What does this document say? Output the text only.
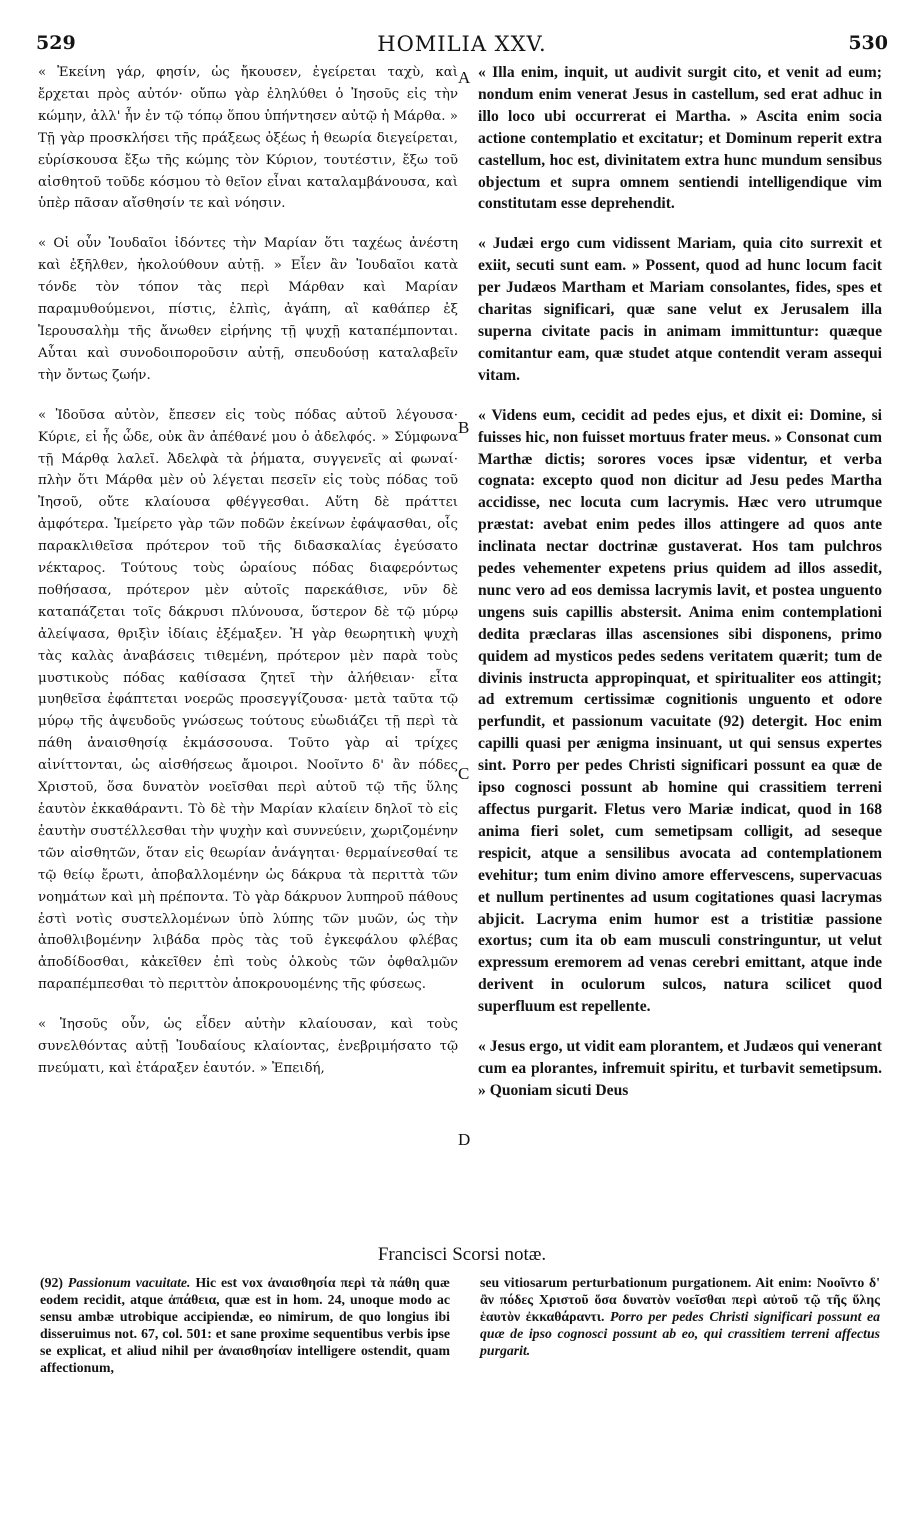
529	HOMILIA XXV.	530
A
B
C
D

« Ἐκείνη γάρ, φησίν, ὡς ἤκουσεν, ἐγείρεται ταχὺ, καὶ ἔρχεται πρὸς αὐτόν· οὔπω γὰρ ἐληλύθει ὁ Ἰησοῦς εἰς τὴν κώμην, ἀλλ' ἦν ἐν τῷ τόπῳ ὅπου ὑπήντησεν αὐτῷ ἡ Μάρθα. » Τῇ γὰρ προσκλήσει τῆς πράξεως ὀξέως ἡ θεωρία διεγείρεται, εὑρίσκουσα ἔξω τῆς κώμης τὸν Κύριον, τουτέστιν, ἔξω τοῦ αἰσθητοῦ τοῦδε κόσμου τὸ θεῖον εἶναι καταλαμβάνουσα, καὶ ὑπὲρ πᾶσαν αἴσθησίν τε καὶ νόησιν.

« Οἱ οὖν Ἰουδαῖοι ἰδόντες τὴν Μαρίαν ὅτι ταχέως ἀνέστη καὶ ἐξῆλθεν, ἠκολούθουν αὐτῇ. » Εἶεν ἂν Ἰουδαῖοι κατὰ τόνδε τὸν τόπον τὰς περὶ Μάρθαν καὶ Μαρίαν παραμυθούμενοι, πίστις, ἐλπὶς, ἀγάπη, αἳ καθάπερ ἐξ Ἱερουσαλὴμ τῆς ἄνωθεν εἰρήνης τῇ ψυχῇ καταπέμπονται. Αὗται καὶ συνοδοιποροῦσιν αὐτῇ, σπευδούσῃ καταλαβεῖν τὴν ὄντως ζωήν.

« Ἰδοῦσα αὐτὸν, ἔπεσεν εἰς τοὺς πόδας αὐτοῦ λέγουσα· Κύριε, εἰ ἦς ὧδε, οὐκ ἂν ἀπέθανέ μου ὁ ἀδελφός. » Σύμφωνα τῇ Μάρθᾳ λαλεῖ. Ἀδελφὰ τὰ ῥήματα, συγγενεῖς αἱ φωναί· πλὴν ὅτι Μάρθα μὲν οὐ λέγεται πεσεῖν εἰς τοὺς πόδας τοῦ Ἰησοῦ, οὔτε κλαίουσα φθέγγεσθαι. Αὕτη δὲ πράττει ἀμφότερα. Ἱμείρετο γὰρ τῶν ποδῶν ἐκείνων ἐφάψασθαι, οἷς παρακλιθεῖσα πρότερον τοῦ τῆς διδασκαλίας ἐγεύσατο νέκταρος. Τούτους τοὺς ὡραίους πόδας διαφερόντως ποθήσασα, πρότερον μὲν αὐτοῖς παρεκάθισε, νῦν δὲ καταπάζεται τοῖς δάκρυσι πλύνουσα, ὕστερον δὲ τῷ μύρῳ ἀλείψασα, θριξὶν ἰδίαις ἐξέμαξεν. Ἡ γὰρ θεωρητικὴ ψυχὴ τὰς καλὰς ἀναβάσεις τιθεμένη, πρότερον μὲν παρὰ τοὺς μυστικοὺς πόδας καθίσασα ζητεῖ τὴν ἀλήθειαν· εἶτα μυηθεῖσα ἐφάπτεται νοερῶς προσεγγίζουσα· μετὰ ταῦτα τῷ μύρῳ τῆς ἀψευδοῦς γνώσεως τούτους εὐωδιάζει τῇ περὶ τὰ πάθη ἀναισθησίᾳ ἐκμάσσουσα. Τοῦτο γὰρ αἱ τρίχες αἰνίττονται, ὡς αἰσθήσεως ἄμοιροι. Νοοῖντο δ' ἂν πόδες Χριστοῦ, ὅσα δυνατὸν νοεῖσθαι περὶ αὐτοῦ τῷ τῆς ὕλης ἑαυτὸν ἐκκαθάραντι. Τὸ δὲ τὴν Μαρίαν κλαίειν δηλοῖ τὸ εἰς ἑαυτὴν συστέλλεσθαι τὴν ψυχὴν καὶ συννεύειν, χωριζομένην τῶν αἰσθητῶν, ὅταν εἰς θεωρίαν ἀνάγηται· θερμαίνεσθαί τε τῷ θείῳ ἔρωτι, ἀποβαλλομένην ὡς δάκρυα τὰ περιττὰ τῶν νοημάτων καὶ μὴ πρέποντα. Τὸ γὰρ δάκρυον λυπηροῦ πάθους ἐστὶ νοτὶς συστελλομένων ὑπὸ λύπης τῶν μυῶν, ὡς τὴν ἀποθλιβομένην λιβάδα πρὸς τὰς τοῦ ἐγκεφάλου φλέβας ἀποδίδοσθαι, κἀκεῖθεν ἐπὶ τοὺς ὁλκοὺς τῶν ὀφθαλμῶν παραπέμπεσθαι τὸ περιττὸν ἀποκρουομένης τῆς φύσεως.

« Ἰησοῦς οὖν, ὡς εἶδεν αὐτὴν κλαίουσαν, καὶ τοὺς συνελθόντας αὐτῇ Ἰουδαίους κλαίοντας, ἐνεβριμήσατο τῷ πνεύματι, καὶ ἐτάραξεν ἑαυτόν. » Ἐπειδή,

« Illa enim, inquit, ut audivit surgit cito, et venit ad eum; nondum enim venerat Jesus in castellum, sed erat adhuc in illo loco ubi occurrerat ei Martha. » Ascita enim socia actione contemplatio et excitatur; et Dominum reperit extra castellum, hoc est, divinitatem extra hunc mundum sensibus objectum et supra omnem sentiendi intelligendique vim constitutam esse deprehendit.

« Judæi ergo cum vidissent Mariam, quia cito surrexit et exiit, secuti sunt eam. » Possent, quod ad hunc locum facit per Judæos Martham et Mariam consolantes, fides, spes et charitas significari, quæ sane velut ex Jerusalem illa superna civitate pacis in animam immittuntur: quæque comitantur eam, quæ studet atque contendit veram assequi vitam.

« Videns eum, cecidit ad pedes ejus, et dixit ei: Domine, si fuisses hic, non fuisset mortuus frater meus. » Consonat cum Marthæ dictis; sorores voces ipsæ videntur, et verba cognata: excepto quod non dicitur ad Jesu pedes Martha accidisse, nec locuta cum lacrymis. Hæc vero utrumque præstat: avebat enim pedes illos attingere ad quos ante inclinata nectar doctrinæ gustaverat. Hos tam pulchros pedes vehementer expetens prius quidem ad illos assedit, nunc vero ad eos demissa lacrymis lavit, et postea unguento ungens suis capillis abstersit. Anima enim contemplationi dedita præclaras illas ascensiones sibi disponens, primo quidem ad mysticos pedes sedens veritatem quærit; tum de divinis instructa appropinquat, et spiritualiter eos attingit; ad extremum certissimæ cognitionis unguento et odore perfundit, et passionum vacuitate (92) detergit. Hoc enim capilli quasi per ænigma insinuant, ut qui sensus expertes sint. Porro per pedes Christi significari possunt ea quæ de ipso cognosci possunt ab homine qui crassitiem terreni affectus purgarit. Fletus vero Mariæ indicat, quod in 168 anima fieri solet, cum semetipsam colligit, ad seseque respicit, atque a sensilibus avocata ad contemplationem evehitur; tum enim divino amore effervescens, supervacuas et nullum pertinentes ad usum cogitationes quasi lacrymas abjicit. Lacryma enim humor est a tristitiæ passione exortus; cum ita ob eam musculi constringuntur, ut velut expressum eremorem ad venas cerebri emittant, atque inde derivent in oculorum sulcos, natura scilicet quod superfluum est repellente.

« Jesus ergo, ut vidit eam plorantem, et Judæos qui venerant cum ea plorantes, infremuit spiritu, et turbavit semetipsum. » Quoniam sicuti Deus

Francisci Scorsi notæ.

(92) Passionum vacuitate. Hic est vox ἀναισθησία περὶ τὰ πάθη quæ eodem recidit, atque ἀπάθεια, quæ est in hom. 24, unoque modo ac sensu ambæ utrobique accipiendæ, eo nimirum, de quo longius ibi disseruimus not. 67, col. 501: et sane proxime sequentibus verbis ipse se explicat, et aliud nihil per ἀναισθησίαν intelligere ostendit, quam affectionum,

seu vitiosarum perturbationum purgationem. Ait enim: Νοοῖντο δ' ἂν πόδες Χριστοῦ ὅσα δυνατὸν νοεῖσθαι περὶ αὐτοῦ τῷ τῆς ὕλης ἑαυτὸν ἐκκαθάραντι. Porro per pedes Christi significari possunt ea quæ de ipso cognosci possunt ab eo, qui crassitiem terreni affectus purgarit.
